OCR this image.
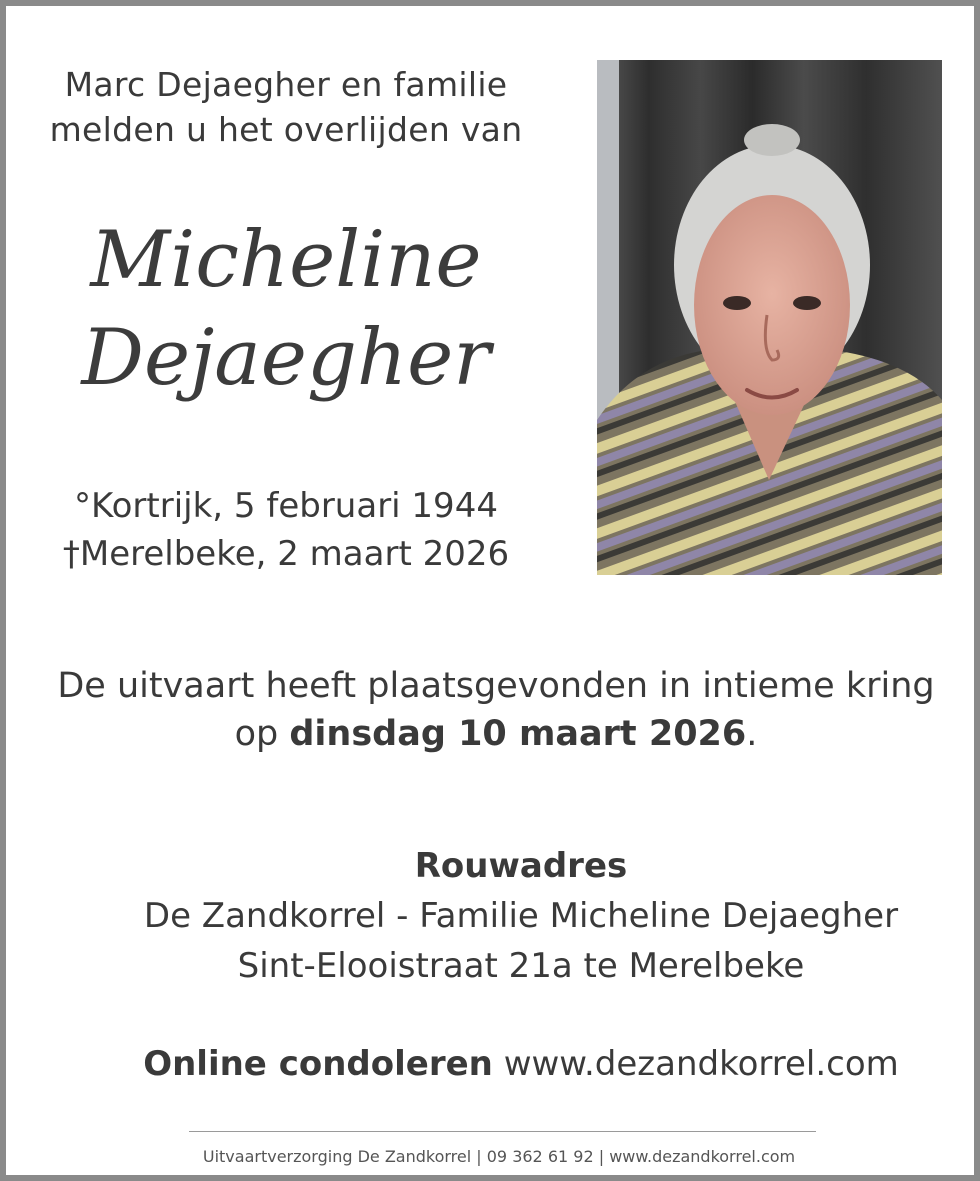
Marc Dejaegher en familie
melden u het overlijden van
Micheline
Dejaegher
°Kortrijk, 5 februari 1944
†Merelbeke, 2 maart 2026
De uitvaart heeft plaatsgevonden in intieme kring
op dinsdag 10 maart 2026.
Rouwadres
De Zandkorrel - Familie Micheline Dejaegher
Sint-Elooistraat 21a te Merelbeke
Online condoleren www.dezandkorrel.com
Uitvaartverzorging De Zandkorrel | 09 362 61 92 | www.dezandkorrel.com
